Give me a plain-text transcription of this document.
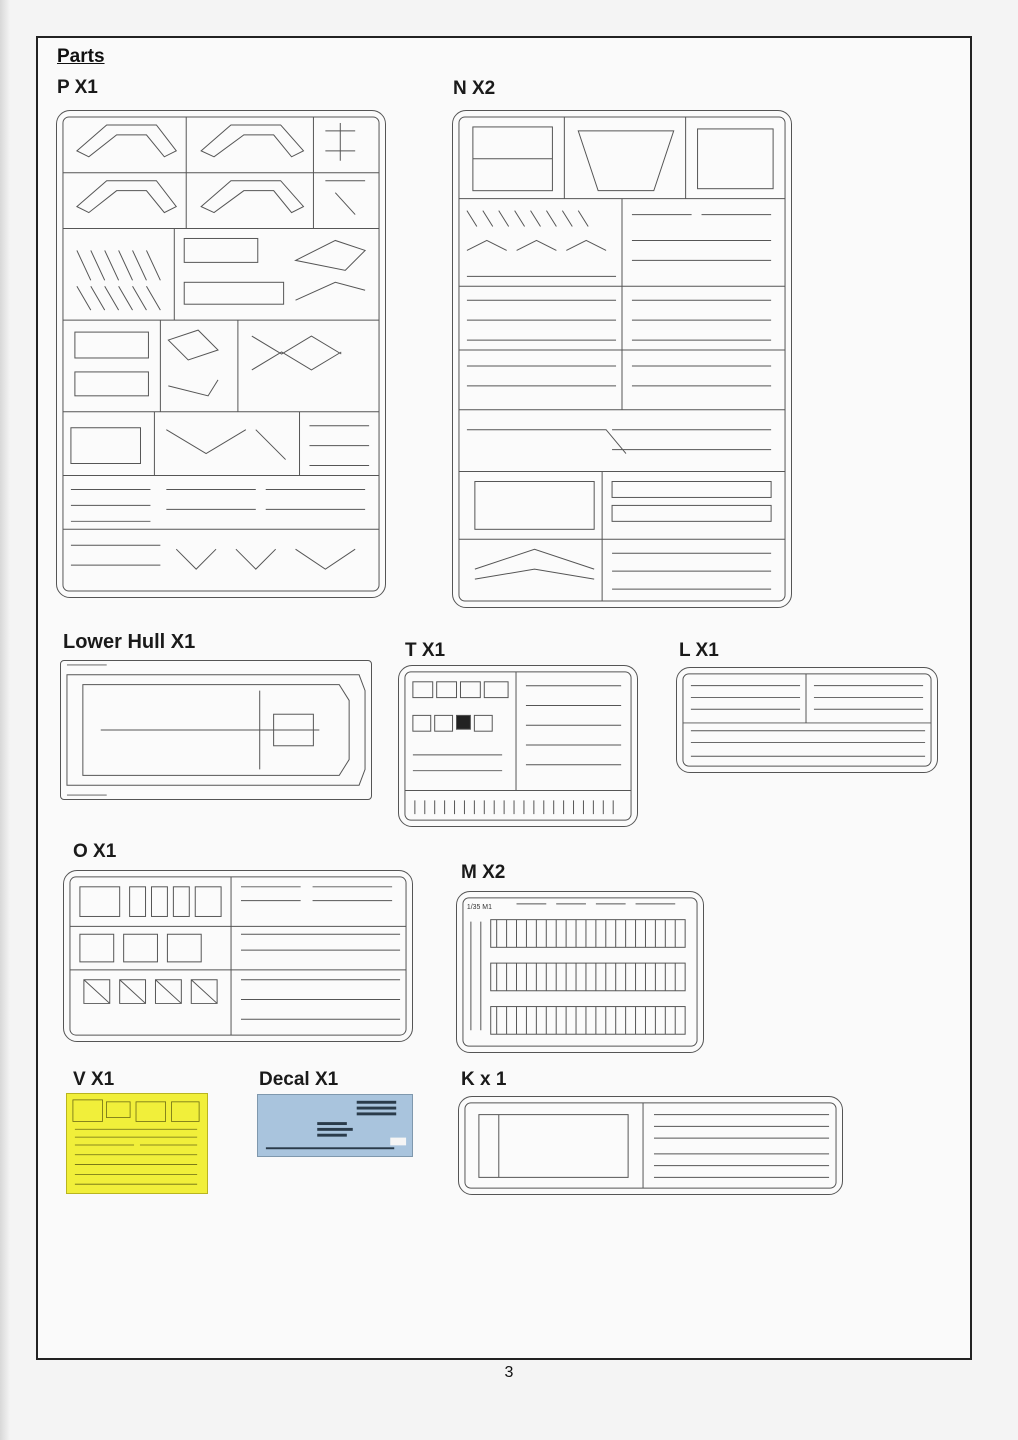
Parts
P X1	N X2
Lower Hull X1	T X1	L X1
O X1
M X2
V X1	Decal X1	K x 1
1/35 M1
3
